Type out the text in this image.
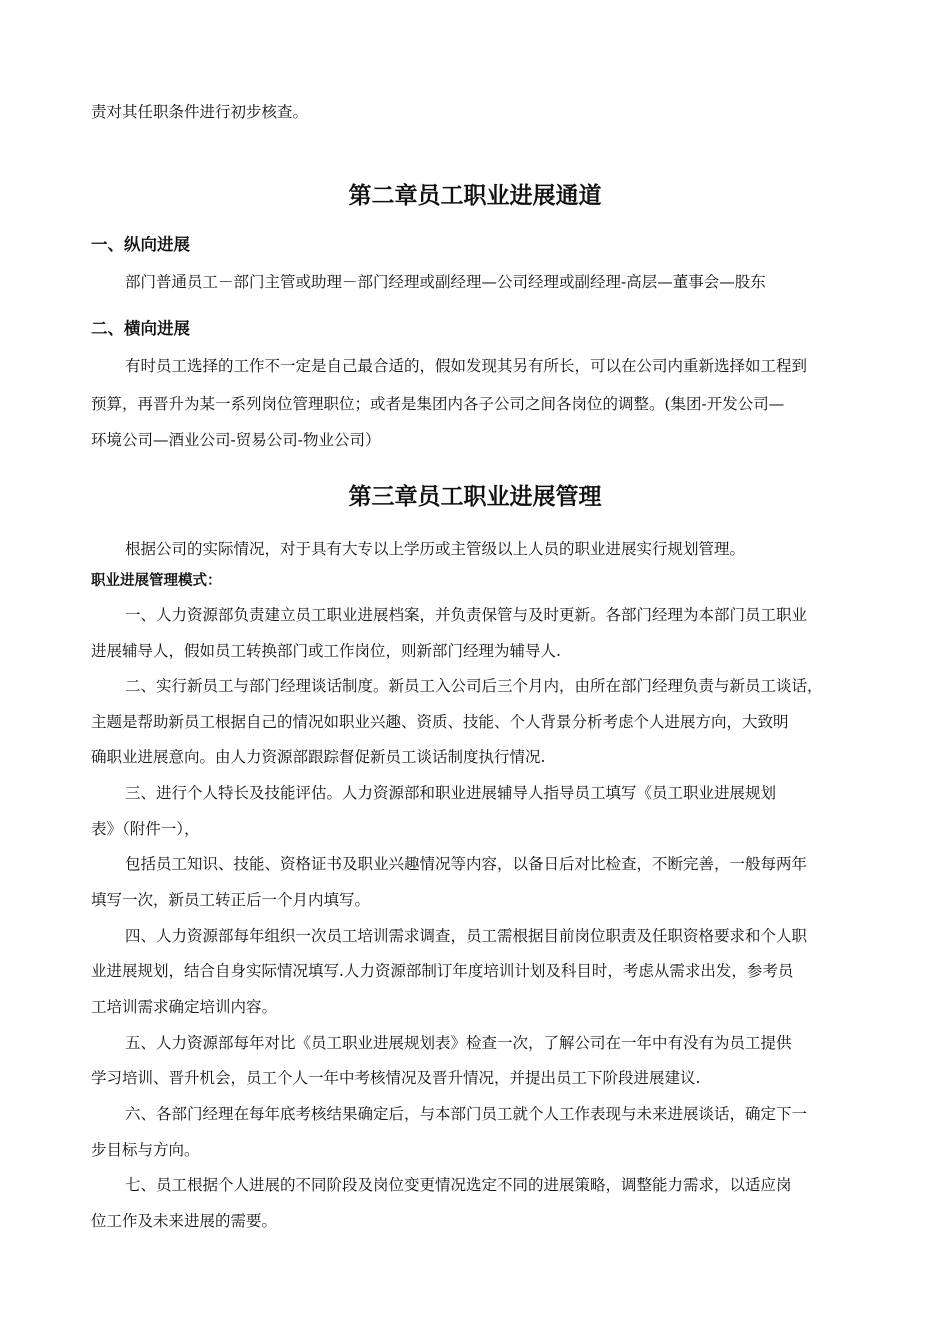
责对其任职条件进行初步核查。
第二章员工职业进展通道
一、纵向进展
部门普通员工－部门主管或助理－部门经理或副经理—公司经理或副经理-高层—董事会—股东
二、横向进展
有时员工选择的工作不一定是自己最合适的，假如发现其另有所长，可以在公司内重新选择如工程到
预算，再晋升为某一系列岗位管理职位；或者是集团内各子公司之间各岗位的调整。(集团-开发公司—
环境公司—酒业公司-贸易公司-物业公司）
第三章员工职业进展管理
根据公司的实际情况，对于具有大专以上学历或主管级以上人员的职业进展实行规划管理。
职业进展管理模式：
一、人力资源部负责建立员工职业进展档案，并负责保管与及时更新。各部门经理为本部门员工职业
进展辅导人，假如员工转换部门或工作岗位，则新部门经理为辅导人.
二、实行新员工与部门经理谈话制度。新员工入公司后三个月内，由所在部门经理负责与新员工谈话，
主题是帮助新员工根据自己的情况如职业兴趣、资质、技能、个人背景分析考虑个人进展方向，大致明
确职业进展意向。由人力资源部跟踪督促新员工谈话制度执行情况.
三、进行个人特长及技能评估。人力资源部和职业进展辅导人指导员工填写《员工职业进展规划
表》（附件一），
包括员工知识、技能、资格证书及职业兴趣情况等内容，以备日后对比检查，不断完善，一般每两年
填写一次，新员工转正后一个月内填写。
四、人力资源部每年组织一次员工培训需求调查，员工需根据目前岗位职责及任职资格要求和个人职
业进展规划，结合自身实际情况填写.人力资源部制订年度培训计划及科目时，考虑从需求出发，参考员
工培训需求确定培训内容。
五、人力资源部每年对比《员工职业进展规划表》检查一次，了解公司在一年中有没有为员工提供
学习培训、晋升机会，员工个人一年中考核情况及晋升情况，并提出员工下阶段进展建议.
六、各部门经理在每年底考核结果确定后，与本部门员工就个人工作表现与未来进展谈话，确定下一
步目标与方向。
七、员工根据个人进展的不同阶段及岗位变更情况选定不同的进展策略，调整能力需求，以适应岗
位工作及未来进展的需要。
